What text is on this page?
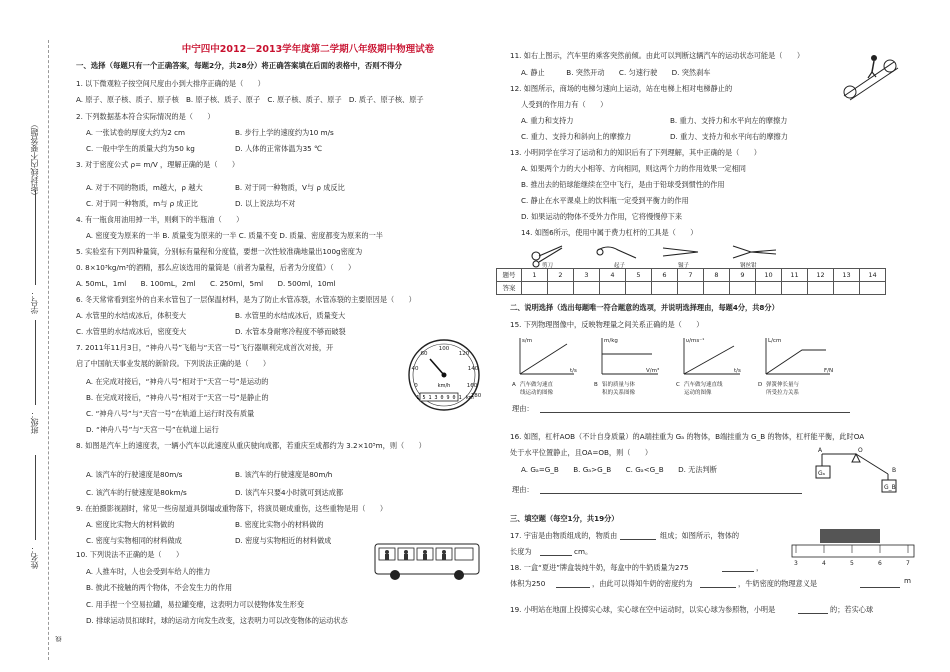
（密封线内不要答题）
学号：
班级：
姓名：
线
中宁四中2012－2013学年度第二学期八年级期中物理试卷
一、选择（每题只有一个正确答案，每题2分，共28分）将正确答案填在后面的表格中，否则不得分
1. 以下微观粒子按空间尺度由小到大排序正确的是（　　）
A. 原子、原子核、质子、原子核　B. 原子核、质子、原子　C. 原子核、质子、原子　D. 质子、原子核、原子
2. 下列数据基本符合实际情况的是（　　）
A. 一张试卷的厚度大约为2 cm	B. 步行上学的速度约为10 m/s
C. 一般中学生的质量大约为50 kg	D. 人体的正常体温为35 ℃
3. 对于密度公式 ρ= m/V ，理解正确的是（　　）
A. 对于不同的物质，m越大，ρ 越大	B. 对于同一种物质，V与 ρ 成反比
C. 对于同一种物质，m与 ρ 成正比	D. 以上说法均不对
4. 有一瓶食用油用掉一半，则剩下的半瓶油（　　）
A. 密度变为原来的一半 B. 质量变为原来的一半 C. 质量不变 D. 质量、密度都变为原来的一半
5. 实验室有下列四种量筒，分别标有量程和分度值，要想一次性较准确地量出100g密度为
0. 8×10³kg/m³的酒精，那么应该选用的量筒是（前者为量程，后者为分度值）（　　）
A. 50mL，1ml　　B. 100mL，2ml　　C. 250ml，5ml　　D. 500ml，10ml
6. 冬天常常看到室外的自来水管包了一层保温材料，是为了防止水管冻裂，水管冻裂的主要原因是（　　）
A. 水管里的水结成冰后，体积变大	B. 水管里的水结成冰后，质量变大
C. 水管里的水结成冰后，密度变大	D. 水管本身耐寒冷程度不够而破裂
7. 2011年11月3日，“神舟八号”飞船与“天宫一号”飞行器顺利完成首次对接，开
启了中国航天事业发展的新阶段。下列说法正确的是（　　）
A. 在完成对接后，“神舟八号”相对于“天宫一号”是运动的
B. 在完成对接后，“神舟八号”相对于“天宫一号”是静止的
C. “神舟八号”与“天宫一号”在轨道上运行时没有质量
D. “神舟八号”与“天宫一号”在轨道上运行
8. 如图是汽车上的速度表，一辆小汽车以此速度从重庆驶向成都，若重庆至成都约为 3.2×10⁵m，则（　　）
A. 该汽车的行驶速度是80m/s	B. 该汽车的行驶速度是80m/h
C. 该汽车的行驶速度是80km/s	D. 该汽车只要4小时就可到达成都
9. 在拍摄影视剧时，常见一些房屋道具倒塌或重物落下，将演员砸成重伤，这些重物是用（　　）
A. 密度比实物大的材料做的	B. 密度比实物小的材料做的
C. 密度与实物相同的材料做成	D. 密度与实物相近的材料做成
10. 下列说法不正确的是（　　）
A. 人推车时，人也会受到车给人的推力
B. 彼此不接触的两个物体，不会发生力的作用
C. 用手捏一个空易拉罐，易拉罐变瘪，这表明力可以使物体发生形变
D. 排球运动员扣球时，球的运动方向发生改变，这表明力可以改变物体的运动状态
0
40
60
100
120
140
160
180
km/h
1 5 1 3 0 9 0 1 km
11. 如右上图示，汽车里的乘客突然前倾。由此可以判断这辆汽车的运动状态可能是（　　）
A. 静止　　　B. 突然开动　　C. 匀速行驶　　D. 突然刹车
12. 如图所示，商场的电梯匀速向上运动，站在电梯上相对电梯静止的
人受到的作用力有（　　）
A. 重力和支持力	B. 重力、支持力和水平向左的摩擦力
C. 重力、支持力和斜向上的摩擦力	D. 重力、支持力和水平向右的摩擦力
13. 小明同学在学习了运动和力的知识后有了下列理解，其中正确的是（　　）
A. 如果两个力的大小相等、方向相同，则这两个力的作用效果一定相同
B. 推出去的铅球能继续在空中飞行，是由于铅球受到惯性的作用
C. 静止在水平课桌上的饮料瓶一定受到平衡力的作用
D. 如果运动的物体不受外力作用，它将慢慢停下来
14. 如图6所示，使用中属于费力杠杆的工具是（　　）
剪刀	起子	镊子	钢丝钳
题号	1	2	3	4	5	6	7	8	9	10	11	12	13	14
答案														
二、说明选择（选出每题唯一符合题意的选项，并说明选择理由，每题4分，共8分）
15. 下列物理图像中，反映物理量之间关系正确的是（　　）
s/m
t/s
m/kg
V/m³
υ/ms⁻¹
t/s
L/cm
F/N
A	B	C	D
汽车做匀速直
线运动的图像
铝的质量与体
积的关系图像
汽车做匀速直线
运动的图像
弹簧伸长量与
所受拉力关系
理由：
16. 如图，杠杆AOB（不计自身质量）的A端挂重为 Gₐ 的物体，B端挂重为 G_B 的物体，杠杆能平衡，此时OA
处于水平位置静止，且OA=OB，则（　　）
A. Gₐ=G_B　　B. Gₐ>G_B　　C. Gₐ<G_B　　D. 无法判断
理由：
A	O
B
Gₐ
G_B
三、填空题（每空1分，共19分）
17. 宇宙是由物质组成的，物质由	组成；如图所示，物体的
长度为	cm。
3	4	5	6	7
18. 一盒“夏进”牌盒装纯牛奶，每盒中的牛奶质量为275	，
体积为250	，由此可以得知牛奶的密度约为	，牛奶密度的物理意义是	m
19. 小明站在地面上投掷实心球，实心球在空中运动时，以实心球为参照物，小明是	的；若实心球
